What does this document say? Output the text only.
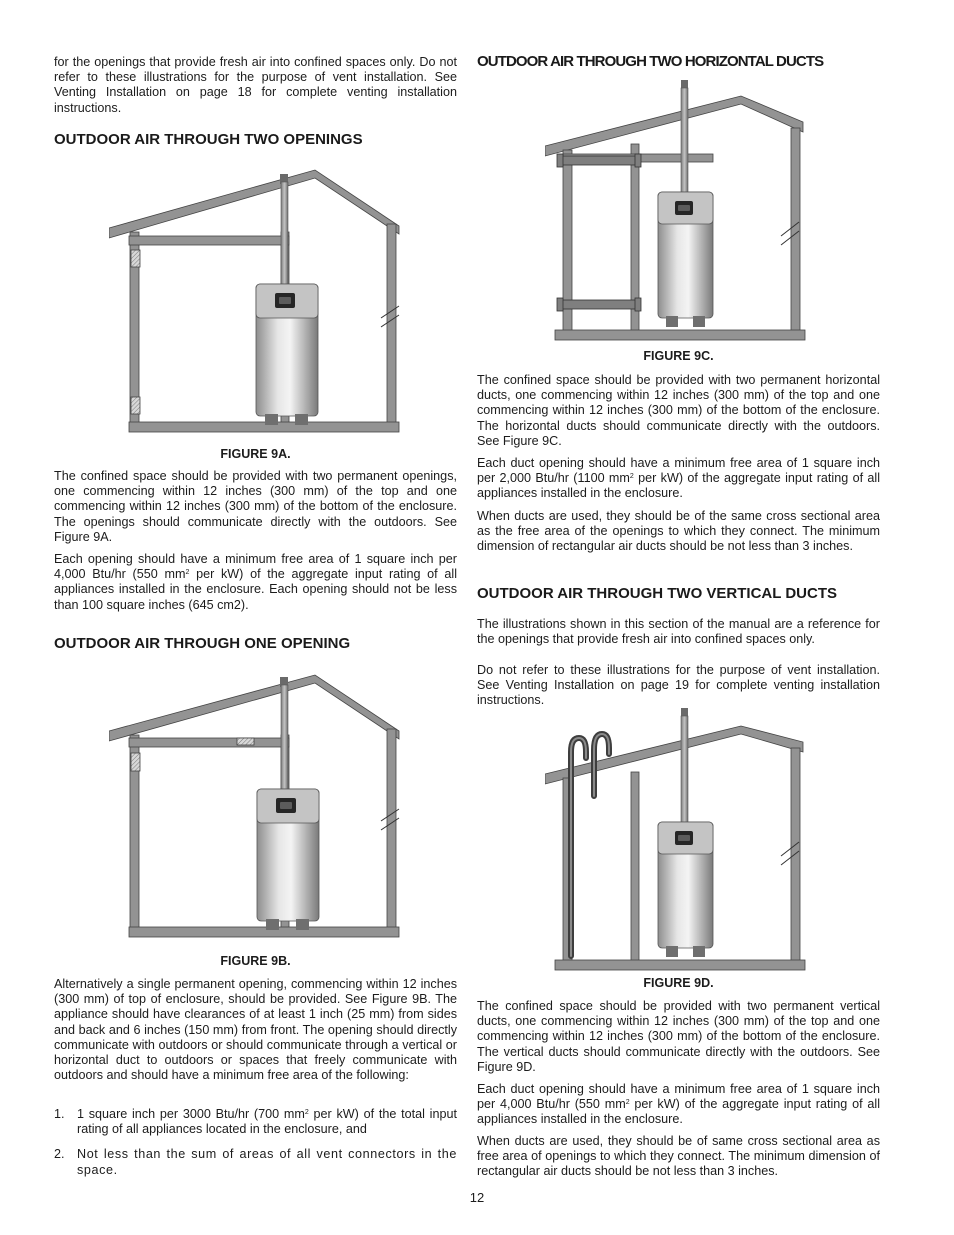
for the openings that provide fresh air into confined spaces only. Do not refer to these illustrations for the purpose of vent installation. See Venting Installation on page 18 for complete venting installation instructions.

OUTDOOR AIR THROUGH TWO OPENINGS

FIGURE 9A.

The confined space should be provided with two permanent openings, one commencing within 12 inches (300 mm) of the top and one commencing within 12 inches (300 mm) of the bottom of the enclosure. The openings should communicate directly with the outdoors. See Figure 9A.

Each opening should have a minimum free area of 1 square inch per 4,000 Btu/hr (550 $mm^2$ per kW) of the aggregate input rating of all appliances installed in the enclosure. Each opening should not be less than 100 square inches (645 cm2).

OUTDOOR AIR THROUGH ONE OPENING

FIGURE 9B.

Alternatively a single permanent opening, commencing within 12 inches (300 mm) of top of enclosure, should be provided. See Figure 9B. The appliance should have clearances of at least 1 inch (25 mm) from sides and back and 6 inches (150 mm) from front. The opening should directly communicate with outdoors or should communicate through a vertical or horizontal duct to outdoors or spaces that freely communicate with outdoors and should have a minimum free area of the following:

1. 1 square inch per 3000 Btu/hr (700 $mm^2$ per kW) of the total input rating of all appliances located in the enclosure, and
2. Not less than the sum of areas of all vent connectors in the space.
OUTDOOR AIR THROUGH TWO HORIZONTAL DUCTS

FIGURE 9C.

The confined space should be provided with two permanent horizontal ducts, one commencing within 12 inches (300 mm) of the top and one commencing within 12 inches (300 mm) of the bottom of the enclosure. The horizontal ducts should communicate directly with the outdoors. See Figure 9C.

Each duct opening should have a minimum free area of 1 square inch per 2,000 Btu/hr (1100 $mm^2$ per kW) of the aggregate input rating of all appliances installed in the enclosure.

When ducts are used, they should be of the same cross sectional area as the free area of the openings to which they connect. The minimum dimension of rectangular air ducts should be not less than 3 inches.

OUTDOOR AIR THROUGH TWO VERTICAL DUCTS

The illustrations shown in this section of the manual are a reference for the openings that provide fresh air into confined spaces only.

Do not refer to these illustrations for the purpose of vent installation. See Venting Installation on page 19 for complete venting installation instructions.

FIGURE 9D.

The confined space should be provided with two permanent vertical ducts, one commencing within 12 inches (300 mm) of the top and one commencing within 12 inches (300 mm) of the bottom of the enclosure. The vertical ducts should communicate directly with the outdoors. See Figure 9D.

Each duct opening should have a minimum free area of 1 square inch per 4,000 Btu/hr (550 $mm^2$ per kW) of the aggregate input rating of all appliances installed in the enclosure.

When ducts are used, they should be of same cross sectional area as free area of openings to which they connect. The minimum dimension of rectangular air ducts should be not less than 3 inches.

12
